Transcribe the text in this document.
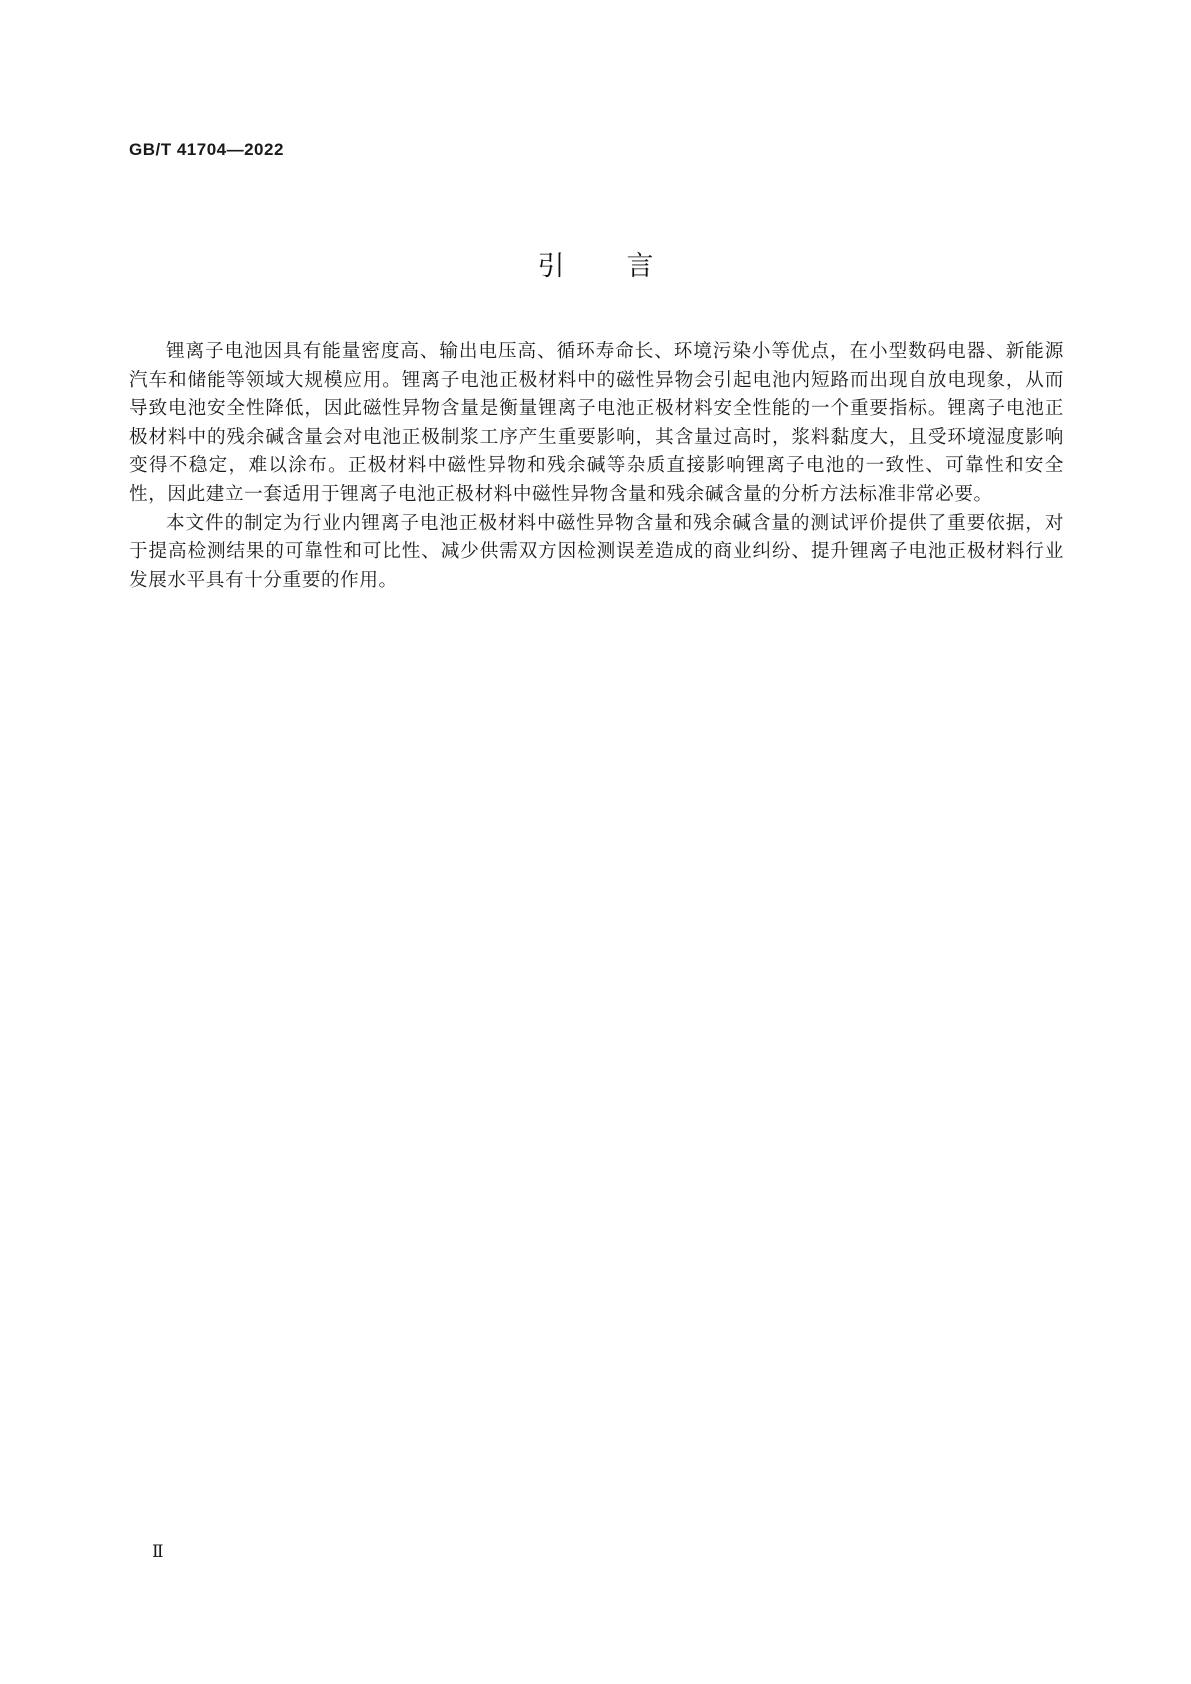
GB/T 41704—2022
引言

锂离子电池因具有能量密度高、输出电压高、循环寿命长、环境污染小等优点，在小型数码电器、新能源汽车和储能等领域大规模应用。锂离子电池正极材料中的磁性异物会引起电池内短路而出现自放电现象，从而导致电池安全性降低，因此磁性异物含量是衡量锂离子电池正极材料安全性能的一个重要指标。锂离子电池正极材料中的残余碱含量会对电池正极制浆工序产生重要影响，其含量过高时，浆料黏度大，且受环境湿度影响变得不稳定，难以涂布。正极材料中磁性异物和残余碱等杂质直接影响锂离子电池的一致性、可靠性和安全性，因此建立一套适用于锂离子电池正极材料中磁性异物含量和残余碱含量的分析方法标准非常必要。

本文件的制定为行业内锂离子电池正极材料中磁性异物含量和残余碱含量的测试评价提供了重要依据，对于提高检测结果的可靠性和可比性、减少供需双方因检测误差造成的商业纠纷、提升锂离子电池正极材料行业发展水平具有十分重要的作用。

Ⅱ
